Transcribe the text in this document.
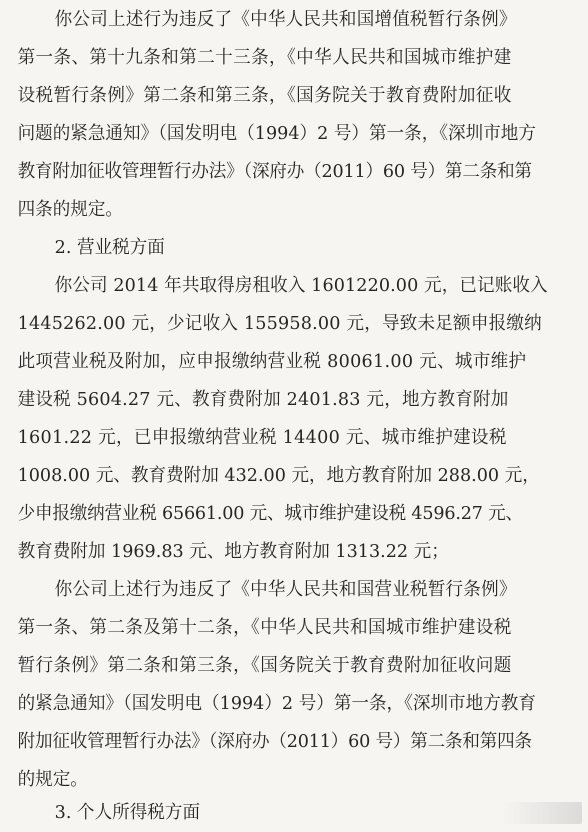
你公司上述行为违反了《中华人民共和国增值税暂行条例》
第一条、第十九条和第二十三条，《中华人民共和国城市维护建
设税暂行条例》第二条和第三条，《国务院关于教育费附加征收
问题的紧急通知》（国发明电（1994）2 号）第一条，《深圳市地方
教育附加征收管理暂行办法》（深府办（2011）60 号）第二条和第
四条的规定。
2. 营业税方面
你公司 2014 年共取得房租收入 1601220.00 元，已记账收入
1445262.00 元，少记收入 155958.00 元，导致未足额申报缴纳
此项营业税及附加，应申报缴纳营业税 80061.00 元、城市维护
建设税 5604.27 元、教育费附加 2401.83 元，地方教育附加
1601.22 元，已申报缴纳营业税 14400 元、城市维护建设税
1008.00 元、教育费附加 432.00 元，地方教育附加 288.00 元，
少申报缴纳营业税 65661.00 元、城市维护建设税 4596.27 元、
教育费附加 1969.83 元、地方教育附加 1313.22 元；
你公司上述行为违反了《中华人民共和国营业税暂行条例》
第一条、第二条及第十二条，《中华人民共和国城市维护建设税
暂行条例》第二条和第三条，《国务院关于教育费附加征收问题
的紧急通知》（国发明电（1994）2 号）第一条，《深圳市地方教育
附加征收管理暂行办法》（深府办（2011）60 号）第二条和第四条
的规定。
3. 个人所得税方面
